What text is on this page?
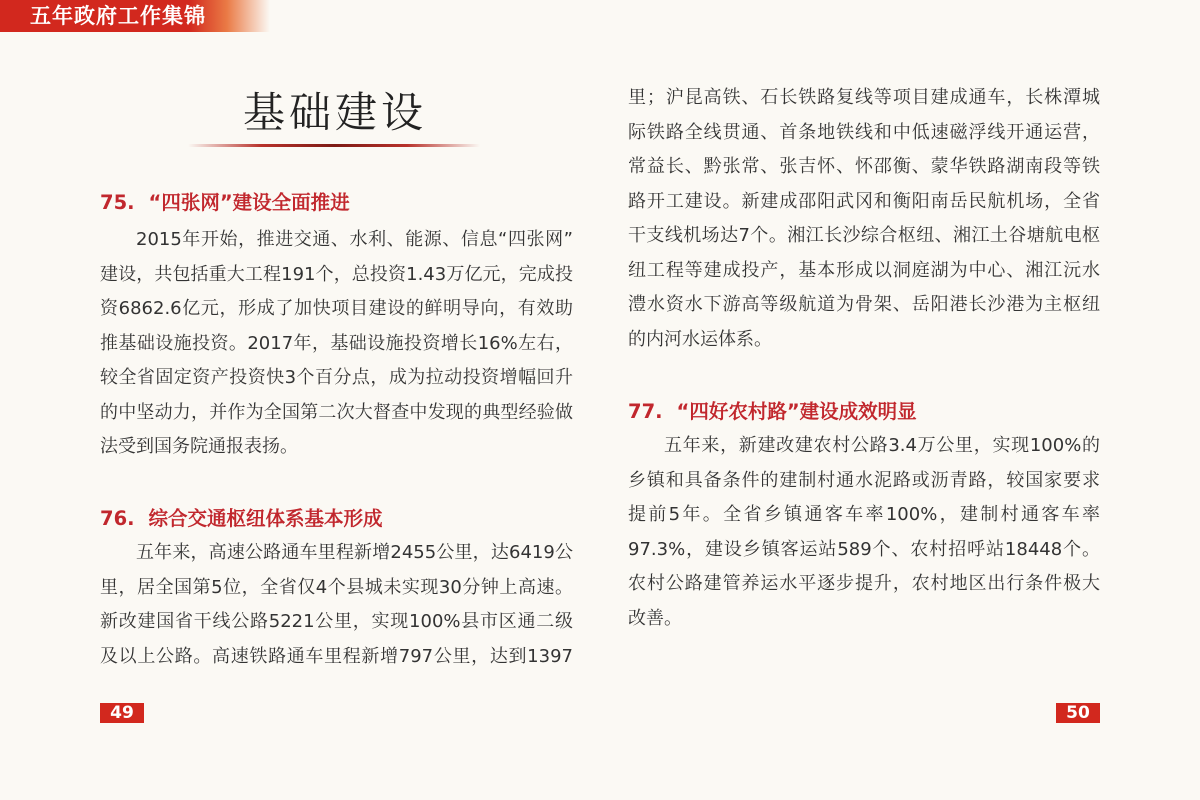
五年政府工作集锦
基础建设
75. “四张网”建设全面推进
2015年开始，推进交通、水利、能源、信息“四张网”
建设，共包括重大工程191个，总投资1.43万亿元，完成投
资6862.6亿元，形成了加快项目建设的鲜明导向，有效助
推基础设施投资。2017年，基础设施投资增长16%左右，
较全省固定资产投资快3个百分点，成为拉动投资增幅回升
的中坚动力，并作为全国第二次大督查中发现的典型经验做
法受到国务院通报表扬。
76. 综合交通枢纽体系基本形成
五年来，高速公路通车里程新增2455公里，达6419公
里，居全国第5位，全省仅4个县城未实现30分钟上高速。
新改建国省干线公路5221公里，实现100%县市区通二级
及以上公路。高速铁路通车里程新增797公里，达到1397
49
里；沪昆高铁、石长铁路复线等项目建成通车，长株潭城
际铁路全线贯通、首条地铁线和中低速磁浮线开通运营，
常益长、黔张常、张吉怀、怀邵衡、蒙华铁路湖南段等铁
路开工建设。新建成邵阳武冈和衡阳南岳民航机场，全省
干支线机场达7个。湘江长沙综合枢纽、湘江土谷塘航电枢
纽工程等建成投产，基本形成以洞庭湖为中心、湘江沅水
澧水资水下游高等级航道为骨架、岳阳港长沙港为主枢纽
的内河水运体系。
77. “四好农村路”建设成效明显
五年来，新建改建农村公路3.4万公里，实现100%的
乡镇和具备条件的建制村通水泥路或沥青路，较国家要求
提前5年。全省乡镇通客车率100%，建制村通客车率
97.3%，建设乡镇客运站589个、农村招呼站18448个。
农村公路建管养运水平逐步提升，农村地区出行条件极大
改善。
50
